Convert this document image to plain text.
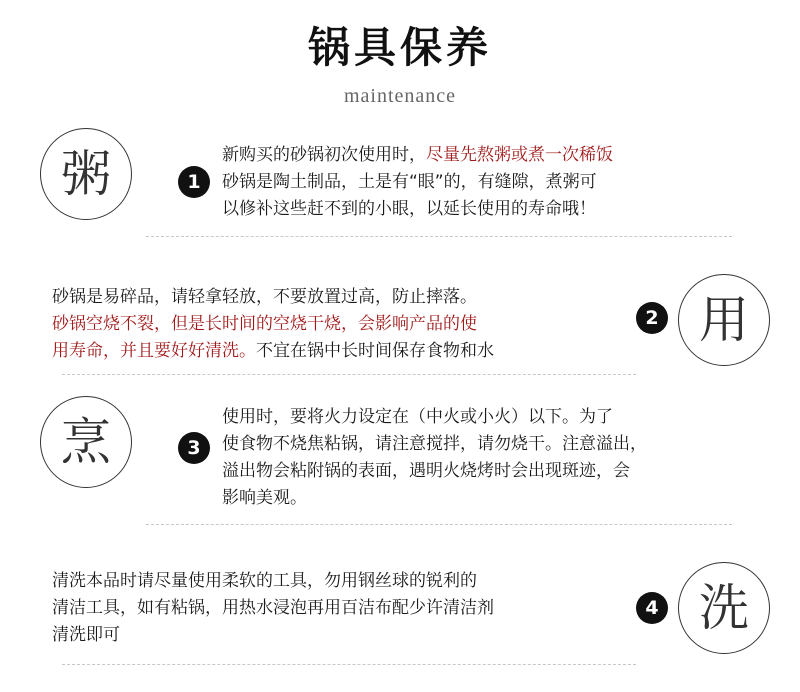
锅具保养
maintenance
粥	1
新购买的砂锅初次使用时，尽量先熬粥或煮一次稀饭
砂锅是陶土制品，土是有“眼”的，有缝隙，煮粥可
以修补这些赶不到的小眼，以延长使用的寿命哦！
砂锅是易碎品，请轻拿轻放，不要放置过高，防止摔落。
砂锅空烧不裂，但是长时间的空烧干烧，会影响产品的使
用寿命，并且要好好清洗。不宜在锅中长时间保存食物和水
2 用
烹	3
使用时，要将火力设定在（中火或小火）以下。为了
使食物不烧焦粘锅，请注意搅拌，请勿烧干。注意溢出，
溢出物会粘附锅的表面，遇明火烧烤时会出现斑迹，会
影响美观。
清洗本品时请尽量使用柔软的工具，勿用钢丝球的锐利的
清洁工具，如有粘锅，用热水浸泡再用百洁布配少许清洁剂
清洗即可
4 洗
